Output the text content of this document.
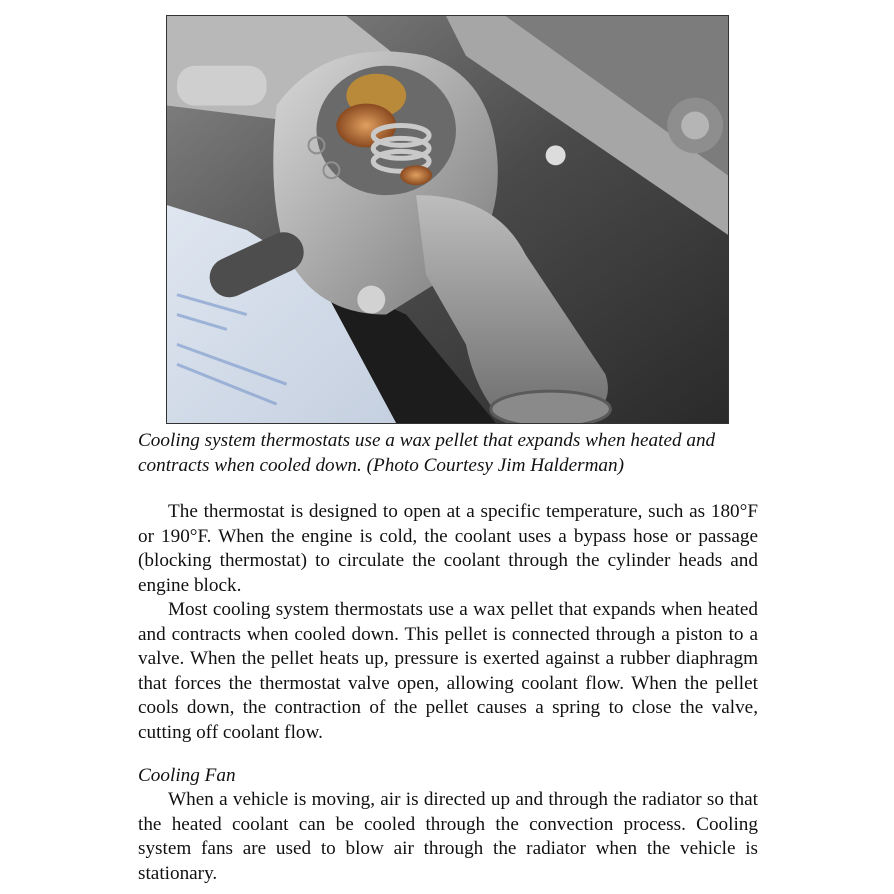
Cooling system thermostats use a wax pellet that expands when heated and contracts when cooled down. (Photo Courtesy Jim Halderman)

The thermostat is designed to open at a specific temperature, such as 180°F or 190°F. When the engine is cold, the coolant uses a bypass hose or passage (blocking thermostat) to circulate the coolant through the cylinder heads and engine block.

Most cooling system thermostats use a wax pellet that expands when heated and contracts when cooled down. This pellet is connected through a piston to a valve. When the pellet heats up, pressure is exerted against a rubber diaphragm that forces the thermostat valve open, allowing coolant flow. When the pellet cools down, the contraction of the pellet causes a spring to close the valve, cutting off coolant flow.

Cooling Fan

When a vehicle is moving, air is directed up and through the radiator so that the heated coolant can be cooled through the convection process. Cooling system fans are used to blow air through the radiator when the vehicle is stationary.
